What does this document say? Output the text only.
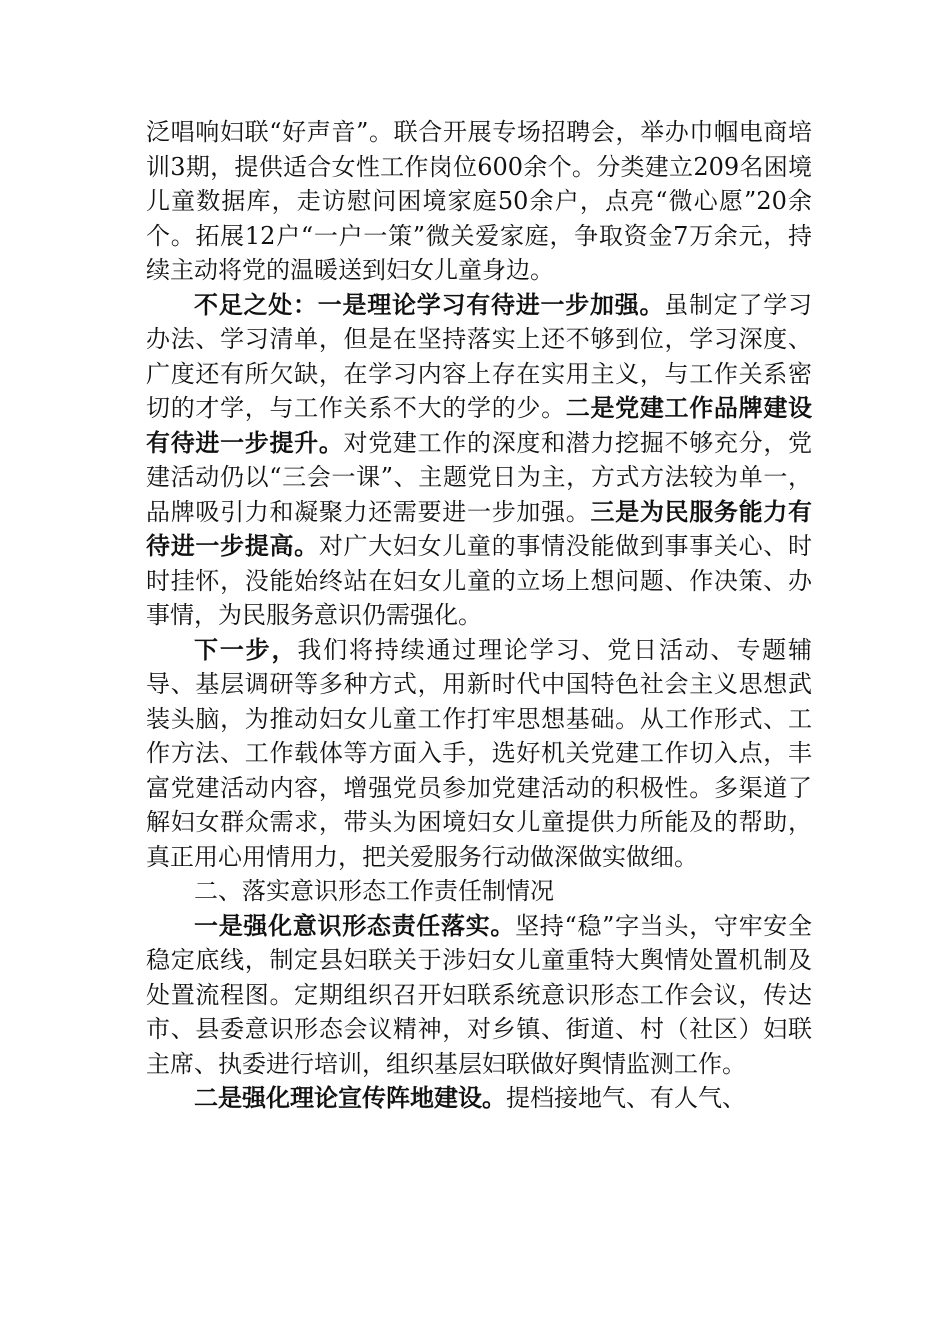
泛唱响妇联“好声音”。联合开展专场招聘会，举办巾帼电商培训3期，提供适合女性工作岗位600余个。分类建立209名困境儿童数据库，走访慰问困境家庭50余户，点亮“微心愿”20余个。拓展12户“一户一策”微关爱家庭，争取资金7万余元，持续主动将党的温暖送到妇女儿童身边。

不足之处：一是理论学习有待进一步加强。虽制定了学习办法、学习清单，但是在坚持落实上还不够到位，学习深度、广度还有所欠缺，在学习内容上存在实用主义，与工作关系密切的才学，与工作关系不大的学的少。二是党建工作品牌建设有待进一步提升。对党建工作的深度和潜力挖掘不够充分，党建活动仍以“三会一课”、主题党日为主，方式方法较为单一，品牌吸引力和凝聚力还需要进一步加强。三是为民服务能力有待进一步提高。对广大妇女儿童的事情没能做到事事关心、时时挂怀，没能始终站在妇女儿童的立场上想问题、作决策、办事情，为民服务意识仍需强化。

下一步，我们将持续通过理论学习、党日活动、专题辅导、基层调研等多种方式，用新时代中国特色社会主义思想武装头脑，为推动妇女儿童工作打牢思想基础。从工作形式、工作方法、工作载体等方面入手，选好机关党建工作切入点，丰富党建活动内容，增强党员参加党建活动的积极性。多渠道了解妇女群众需求，带头为困境妇女儿童提供力所能及的帮助，真正用心用情用力，把关爱服务行动做深做实做细。

二、落实意识形态工作责任制情况

一是强化意识形态责任落实。坚持“稳”字当头，守牢安全稳定底线，制定县妇联关于涉妇女儿童重特大舆情处置机制及处置流程图。定期组织召开妇联系统意识形态工作会议，传达市、县委意识形态会议精神，对乡镇、街道、村（社区）妇联主席、执委进行培训，组织基层妇联做好舆情监测工作。

二是强化理论宣传阵地建设。提档接地气、有人气、
